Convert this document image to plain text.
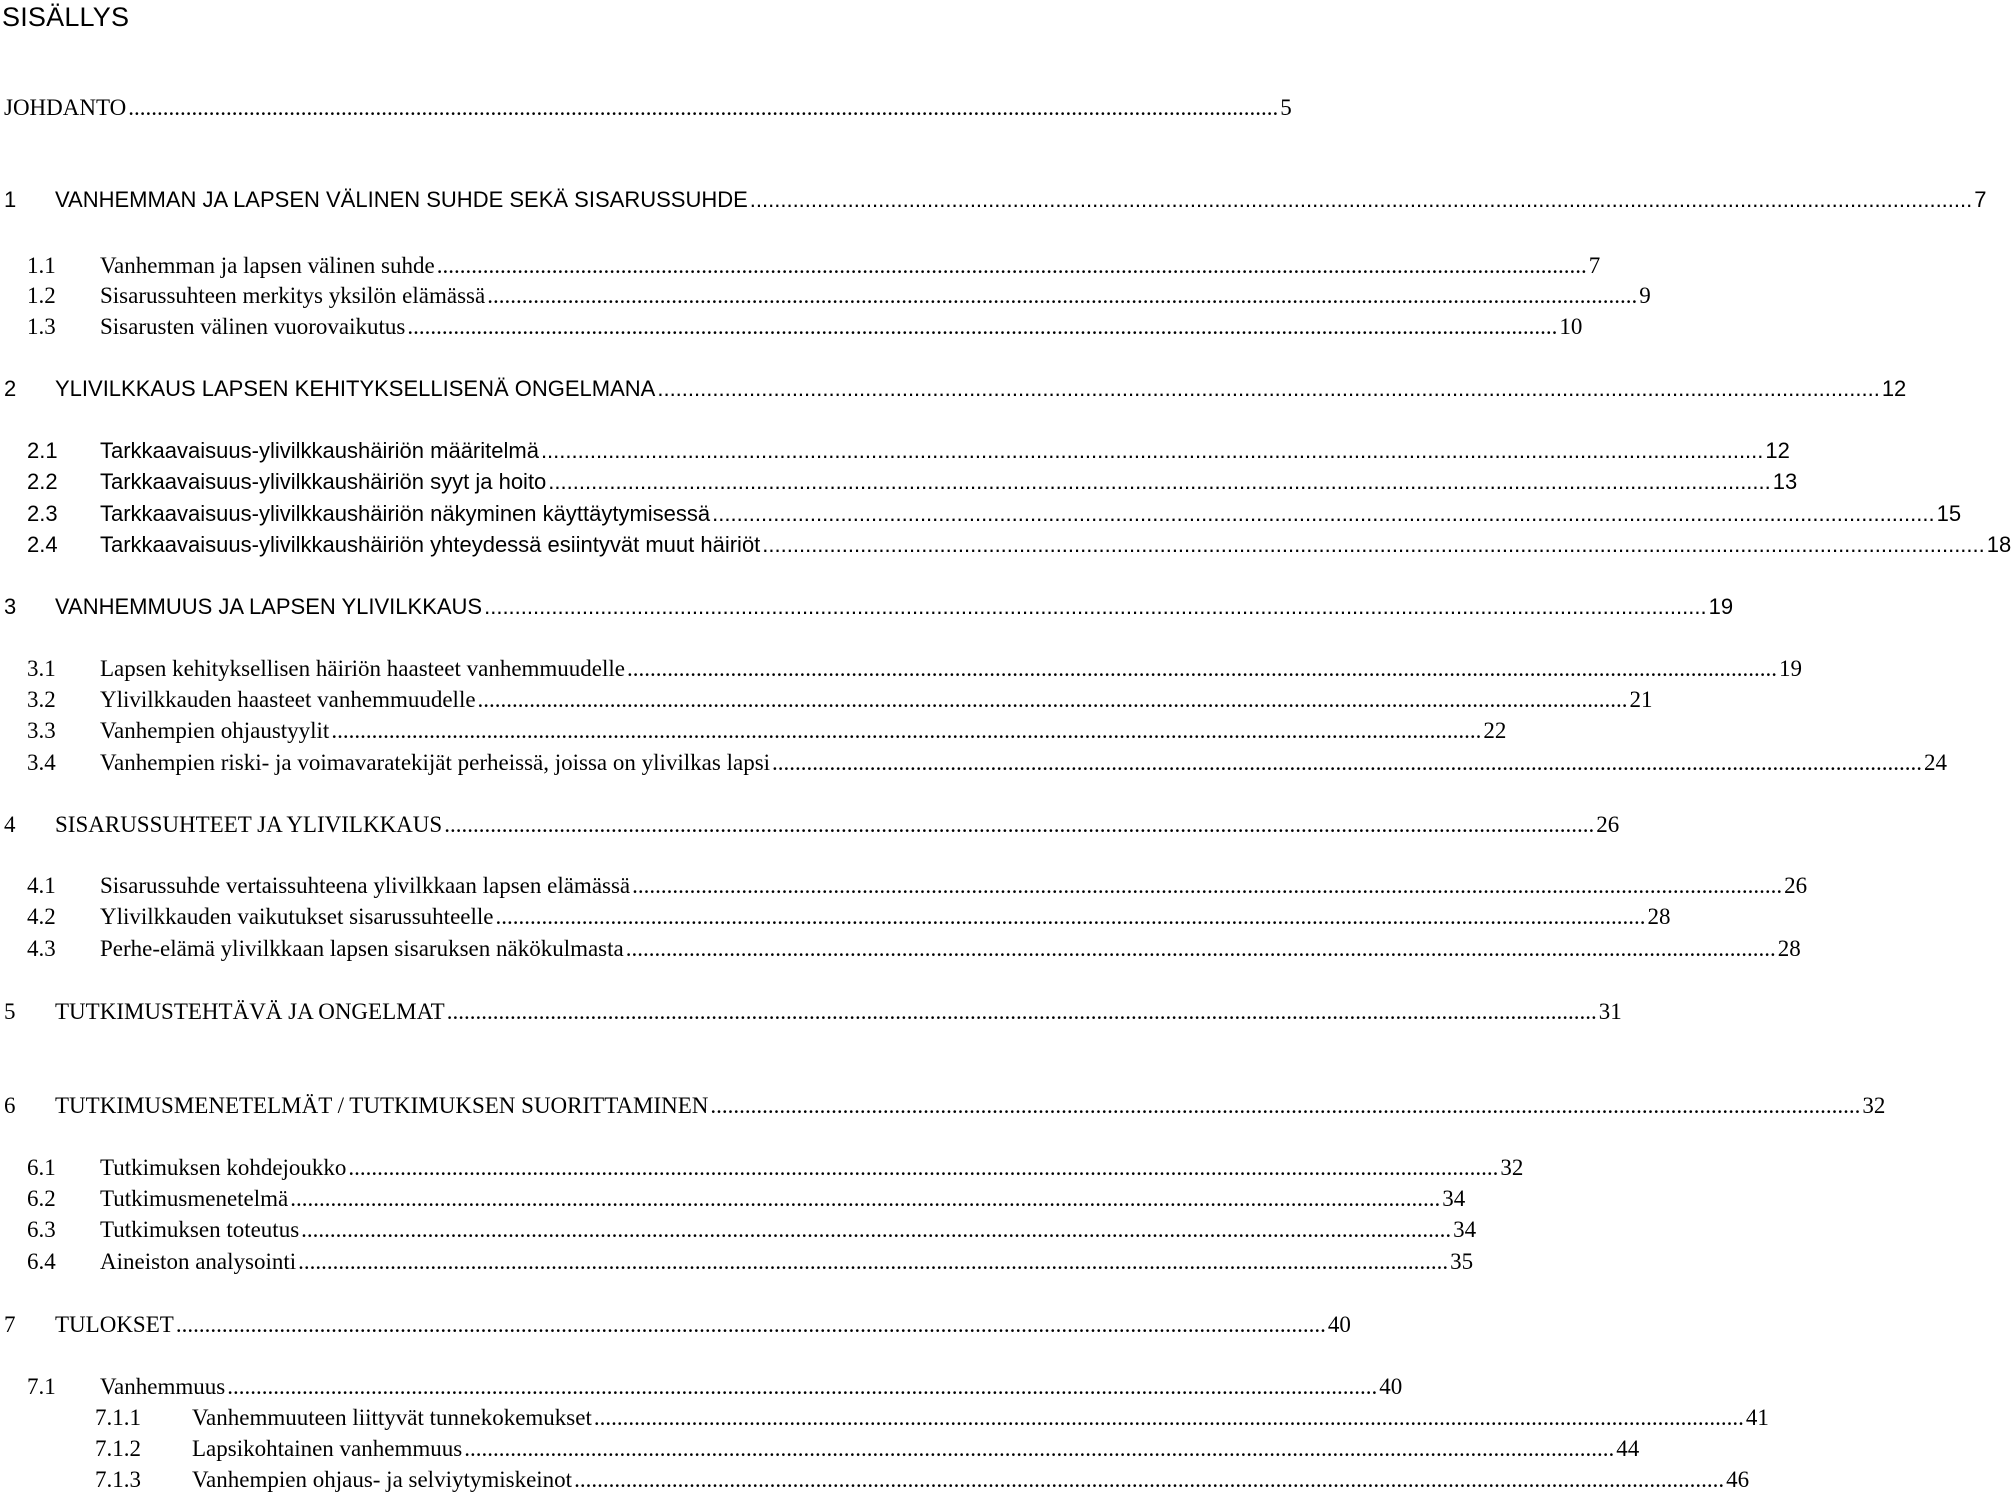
SISÄLLYS
JOHDANTO ........................................................................................................................................................................................................ 5
1 VANHEMMAN JA LAPSEN VÄLINEN SUHDE SEKÄ SISARUSSUHDE ........................................................................................................................................................................................................ 7
1.1 Vanhemman ja lapsen välinen suhde ........................................................................................................................................................................................................ 7
1.2 Sisarussuhteen merkitys yksilön elämässä ........................................................................................................................................................................................................ 9
1.3 Sisarusten välinen vuorovaikutus ........................................................................................................................................................................................................ 10
2 YLIVILKKAUS LAPSEN KEHITYKSELLISENÄ ONGELMANA ........................................................................................................................................................................................................ 12
2.1 Tarkkaavaisuus-ylivilkkaushäiriön määritelmä ........................................................................................................................................................................................................ 12
2.2 Tarkkaavaisuus-ylivilkkaushäiriön syyt ja hoito ........................................................................................................................................................................................................ 13
2.3 Tarkkaavaisuus-ylivilkkaushäiriön näkyminen käyttäytymisessä ........................................................................................................................................................................................................ 15
2.4 Tarkkaavaisuus-ylivilkkaushäiriön yhteydessä esiintyvät muut häiriöt ........................................................................................................................................................................................................ 18
3 VANHEMMUUS JA LAPSEN YLIVILKKAUS ........................................................................................................................................................................................................ 19
3.1 Lapsen kehityksellisen häiriön haasteet vanhemmuudelle ........................................................................................................................................................................................................ 19
3.2 Ylivilkkauden haasteet vanhemmuudelle ........................................................................................................................................................................................................ 21
3.3 Vanhempien ohjaustyylit ........................................................................................................................................................................................................ 22
3.4 Vanhempien riski- ja voimavaratekijät perheissä, joissa on ylivilkas lapsi ........................................................................................................................................................................................................ 24
4 SISARUSSUHTEET JA YLIVILKKAUS ........................................................................................................................................................................................................ 26
4.1 Sisarussuhde vertaissuhteena ylivilkkaan lapsen elämässä ........................................................................................................................................................................................................ 26
4.2 Ylivilkkauden vaikutukset sisarussuhteelle ........................................................................................................................................................................................................ 28
4.3 Perhe-elämä ylivilkkaan lapsen sisaruksen näkökulmasta ........................................................................................................................................................................................................ 28
5 TUTKIMUSTEHTÄVÄ JA ONGELMAT ........................................................................................................................................................................................................ 31
6 TUTKIMUSMENETELMÄT / TUTKIMUKSEN SUORITTAMINEN ........................................................................................................................................................................................................ 32
6.1 Tutkimuksen kohdejoukko ........................................................................................................................................................................................................ 32
6.2 Tutkimusmenetelmä ........................................................................................................................................................................................................ 34
6.3 Tutkimuksen toteutus ........................................................................................................................................................................................................ 34
6.4 Aineiston analysointi ........................................................................................................................................................................................................ 35
7 TULOKSET ........................................................................................................................................................................................................ 40
7.1 Vanhemmuus ........................................................................................................................................................................................................ 40
7.1.1 Vanhemmuuteen liittyvät tunnekokemukset ........................................................................................................................................................................................................ 41
7.1.2 Lapsikohtainen vanhemmuus ........................................................................................................................................................................................................ 44
7.1.3 Vanhempien ohjaus- ja selviytymiskeinot ........................................................................................................................................................................................................ 46
